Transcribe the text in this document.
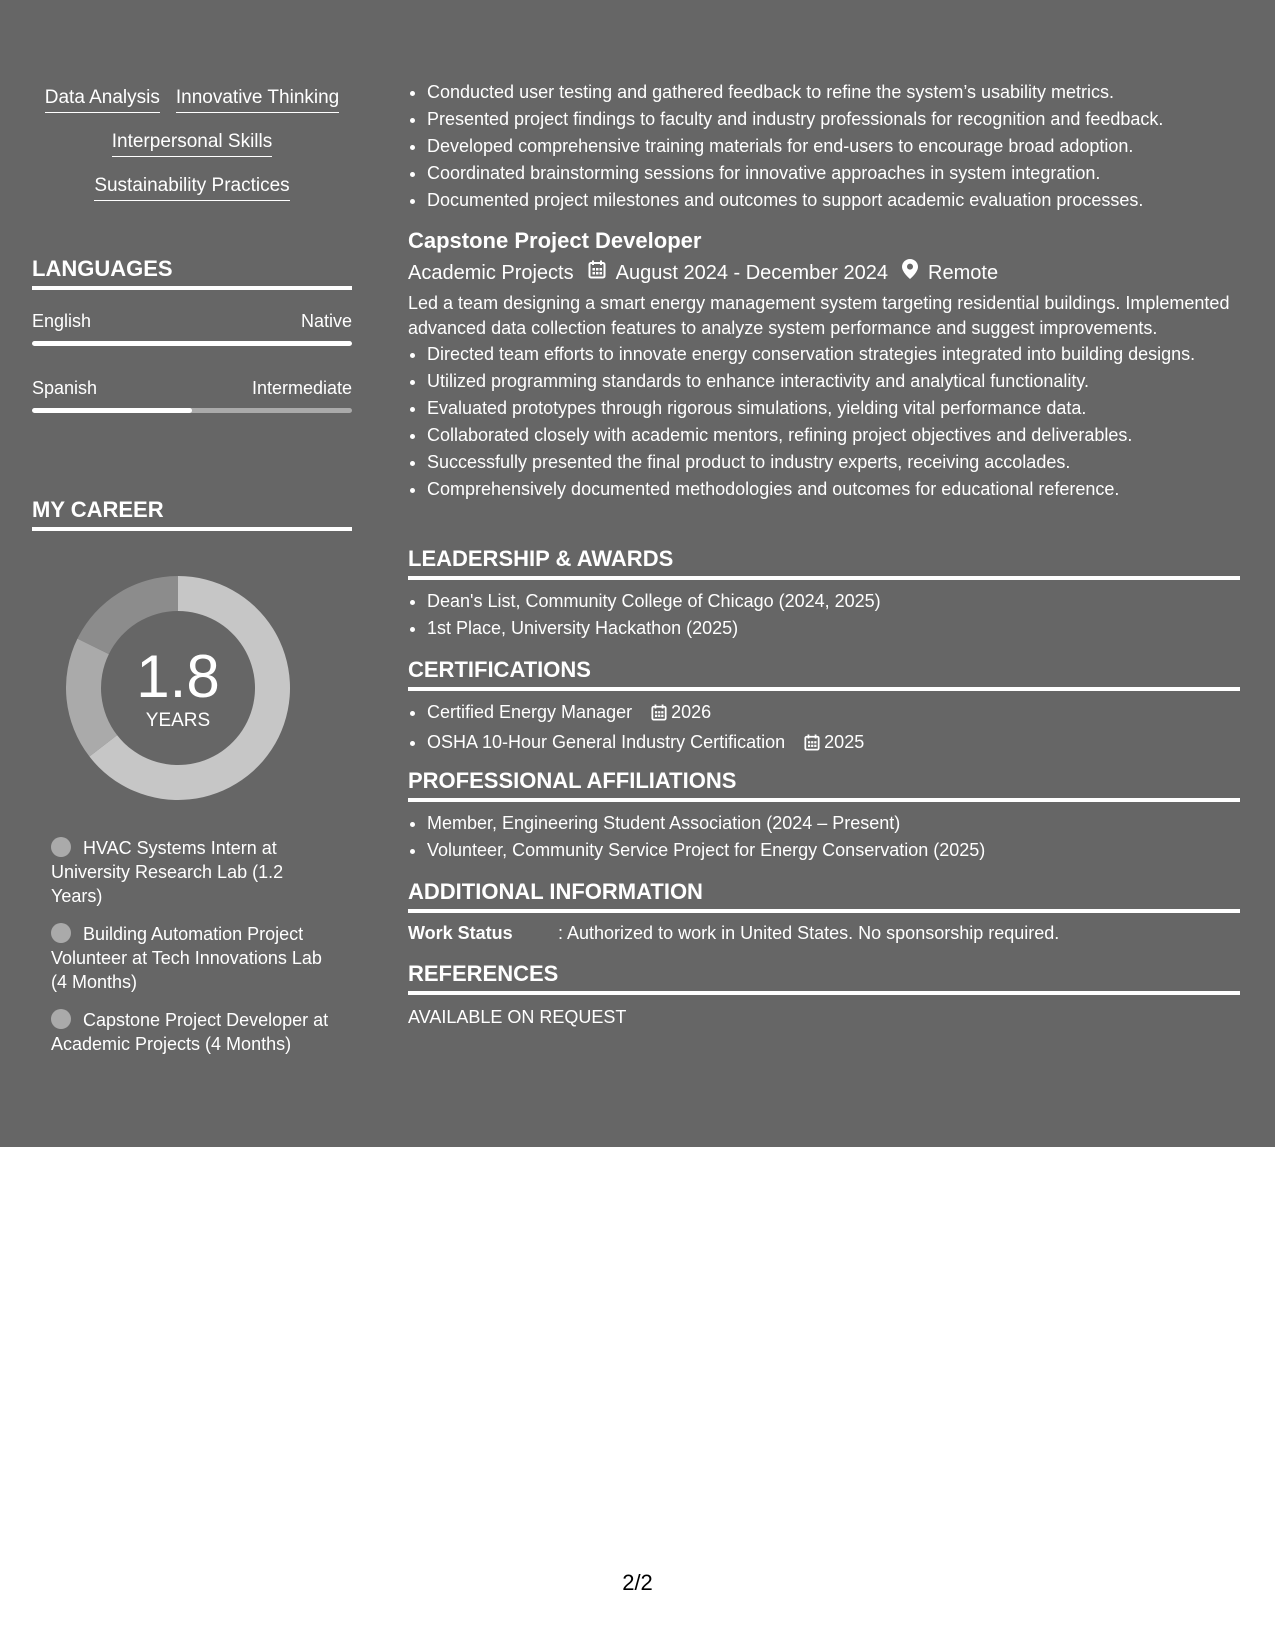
Data Analysis Innovative Thinking
Interpersonal Skills
Sustainability Practices
LANGUAGES
English	Native
Spanish	Intermediate
MY CAREER
1.8
YEARS
HVAC Systems Intern at University Research Lab (1.2 Years)
Building Automation Project Volunteer at Tech Innovations Lab (4 Months)
Capstone Project Developer at Academic Projects (4 Months)
• Conducted user testing and gathered feedback to refine the system’s usability metrics.
• Presented project findings to faculty and industry professionals for recognition and feedback.
• Developed comprehensive training materials for end-users to encourage broad adoption.
• Coordinated brainstorming sessions for innovative approaches in system integration.
• Documented project milestones and outcomes to support academic evaluation processes.
Capstone Project Developer
Academic Projects August 2024 - December 2024 Remote
Led a team designing a smart energy management system targeting residential buildings. Implemented advanced data collection features to analyze system performance and suggest improvements.
• Directed team efforts to innovate energy conservation strategies integrated into building designs.
• Utilized programming standards to enhance interactivity and analytical functionality.
• Evaluated prototypes through rigorous simulations, yielding vital performance data.
• Collaborated closely with academic mentors, refining project objectives and deliverables.
• Successfully presented the final product to industry experts, receiving accolades.
• Comprehensively documented methodologies and outcomes for educational reference.
LEADERSHIP & AWARDS
• Dean's List, Community College of Chicago (2024, 2025)
• 1st Place, University Hackathon (2025)
CERTIFICATIONS
• Certified Energy Manager 2026
• OSHA 10-Hour General Industry Certification 2025
PROFESSIONAL AFFILIATIONS
• Member, Engineering Student Association (2024 – Present)
• Volunteer, Community Service Project for Energy Conservation (2025)
ADDITIONAL INFORMATION
Work Status	: Authorized to work in United States. No sponsorship required.
REFERENCES
AVAILABLE ON REQUEST
2/2
